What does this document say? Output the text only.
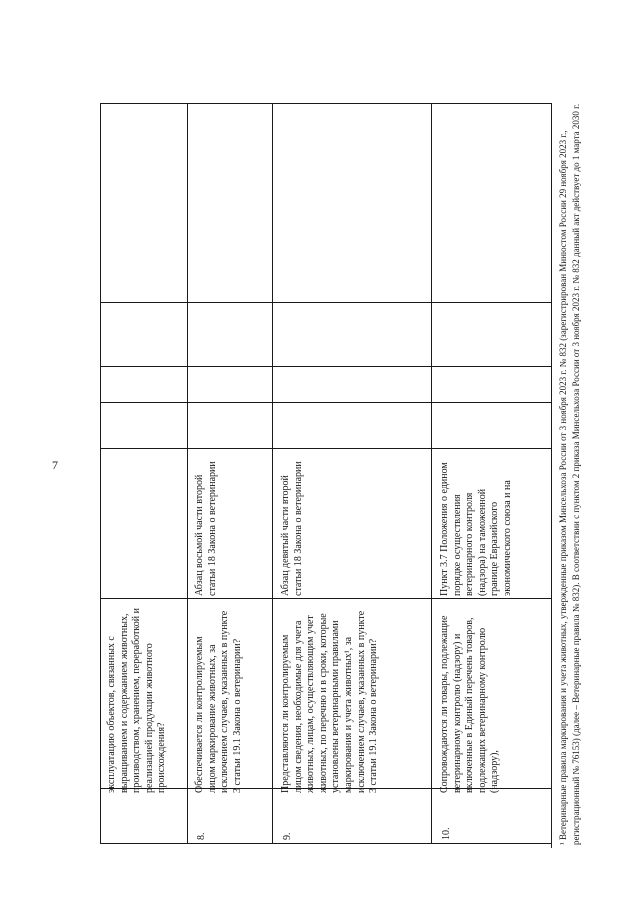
7
эксплуатацию объектов, связанных с выращиванием и содержанием животных, производством, хранением, переработкой и реализацией продукции животного происхождения?
8.
Обеспечивается ли контролируемым лицом маркирование животных, за исключением случаев, указанных в пункте 3 статьи 19.1 Закона о ветеринарии?
Абзац восьмой части второй статьи 18 Закона о ветеринарии
9.
Представляются ли контролируемым лицом сведения, необходимые для учета животных, лицам, осуществляющим учет животных, по перечню и в сроки, которые установлены ветеринарными правилами маркирования и учета животных¹, за исключением случаев, указанных в пункте 3 статьи 19.1 Закона о ветеринарии?
Абзац девятый части второй статьи 18 Закона о ветеринарии
10.
Сопровождаются ли товары, подлежащие ветеринарному контролю (надзору) и включенные в Единый перечень товаров, подлежащих ветеринарному контролю (надзору),
Пункт 3.7 Положения о едином порядке осуществления ветеринарного контроля (надзора) на таможенной границе Евразийского экономического союза и на	¹ Ветеринарные правила маркирования и учета животных, утвержденные приказом Минсельхоза России от 3 ноября 2023 г. № 832 (зарегистрирован Минюстом России 29 ноября 2023 г., регистрационный № 76153) (далее – Ветеринарные правила № 832). В соответствии с пунктом 2 приказа Минсельхоза России от 3 ноября 2023 г. № 832 данный акт действует до 1 марта 2030 г.
